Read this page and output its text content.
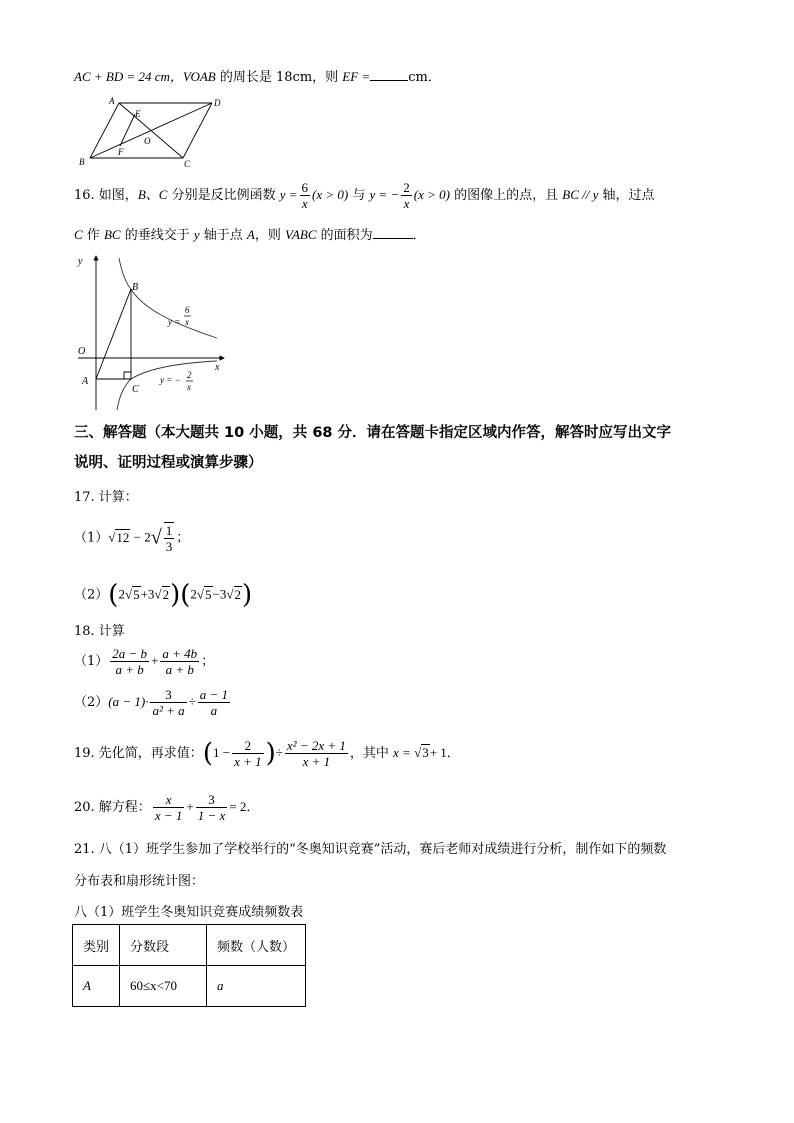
AC + BD = 24 cm，VOAB 的周长是 18cm，则 EF =	cm．
A	D
E
O
F
B	C
16. 如图，B、C 分别是反比例函数 $y = \frac{6}{x} (x > 0)$ 与 y = − $\frac{2}{x} (x > 0)$ 的图像上的点，且 BC // y 轴，过点
C 作 BC 的垂线交于 y 轴于点 A，则 VABC 的面积为	．
y
x
O
A
B
C
y =
6
x
y = − 2
x
三、解答题（本大题共 10 小题，共 68 分．请在答题卡指定区域内作答，解答时应写出文字
说明、证明过程或演算步骤）
17. 计算：
$(1)√12 - 2√ \frac{1}{3}$ ；
（2）(2√5+3√2)(2√5−3√2)
18. 计算
$(1) \frac{2a - b}{a + b} + \frac{a + 4b}{a + b}$ ；
$(2)(a - 1)\cdot \frac{3}{\text{a² + a}} \div \frac{a - 1}{a}$
19. 先化简，再求值：($1 - \frac{2}{x + 1}$ )÷ $\frac{\text{x² − 2x + 1}}{x + 1}$ ，其中 x = √3+ 1．
20. 解方程： $\frac{x}{x - 1} + \frac{3}{1 - x} = 2$．
21. 八（1）班学生参加了学校举行的“冬奥知识竞赛”活动，赛后老师对成绩进行分析，制作如下的频数
分布表和扇形统计图：
八（1）班学生冬奥知识竞赛成绩频数表
类别	分数段	频数（人数）
A	60≤x<70	a
